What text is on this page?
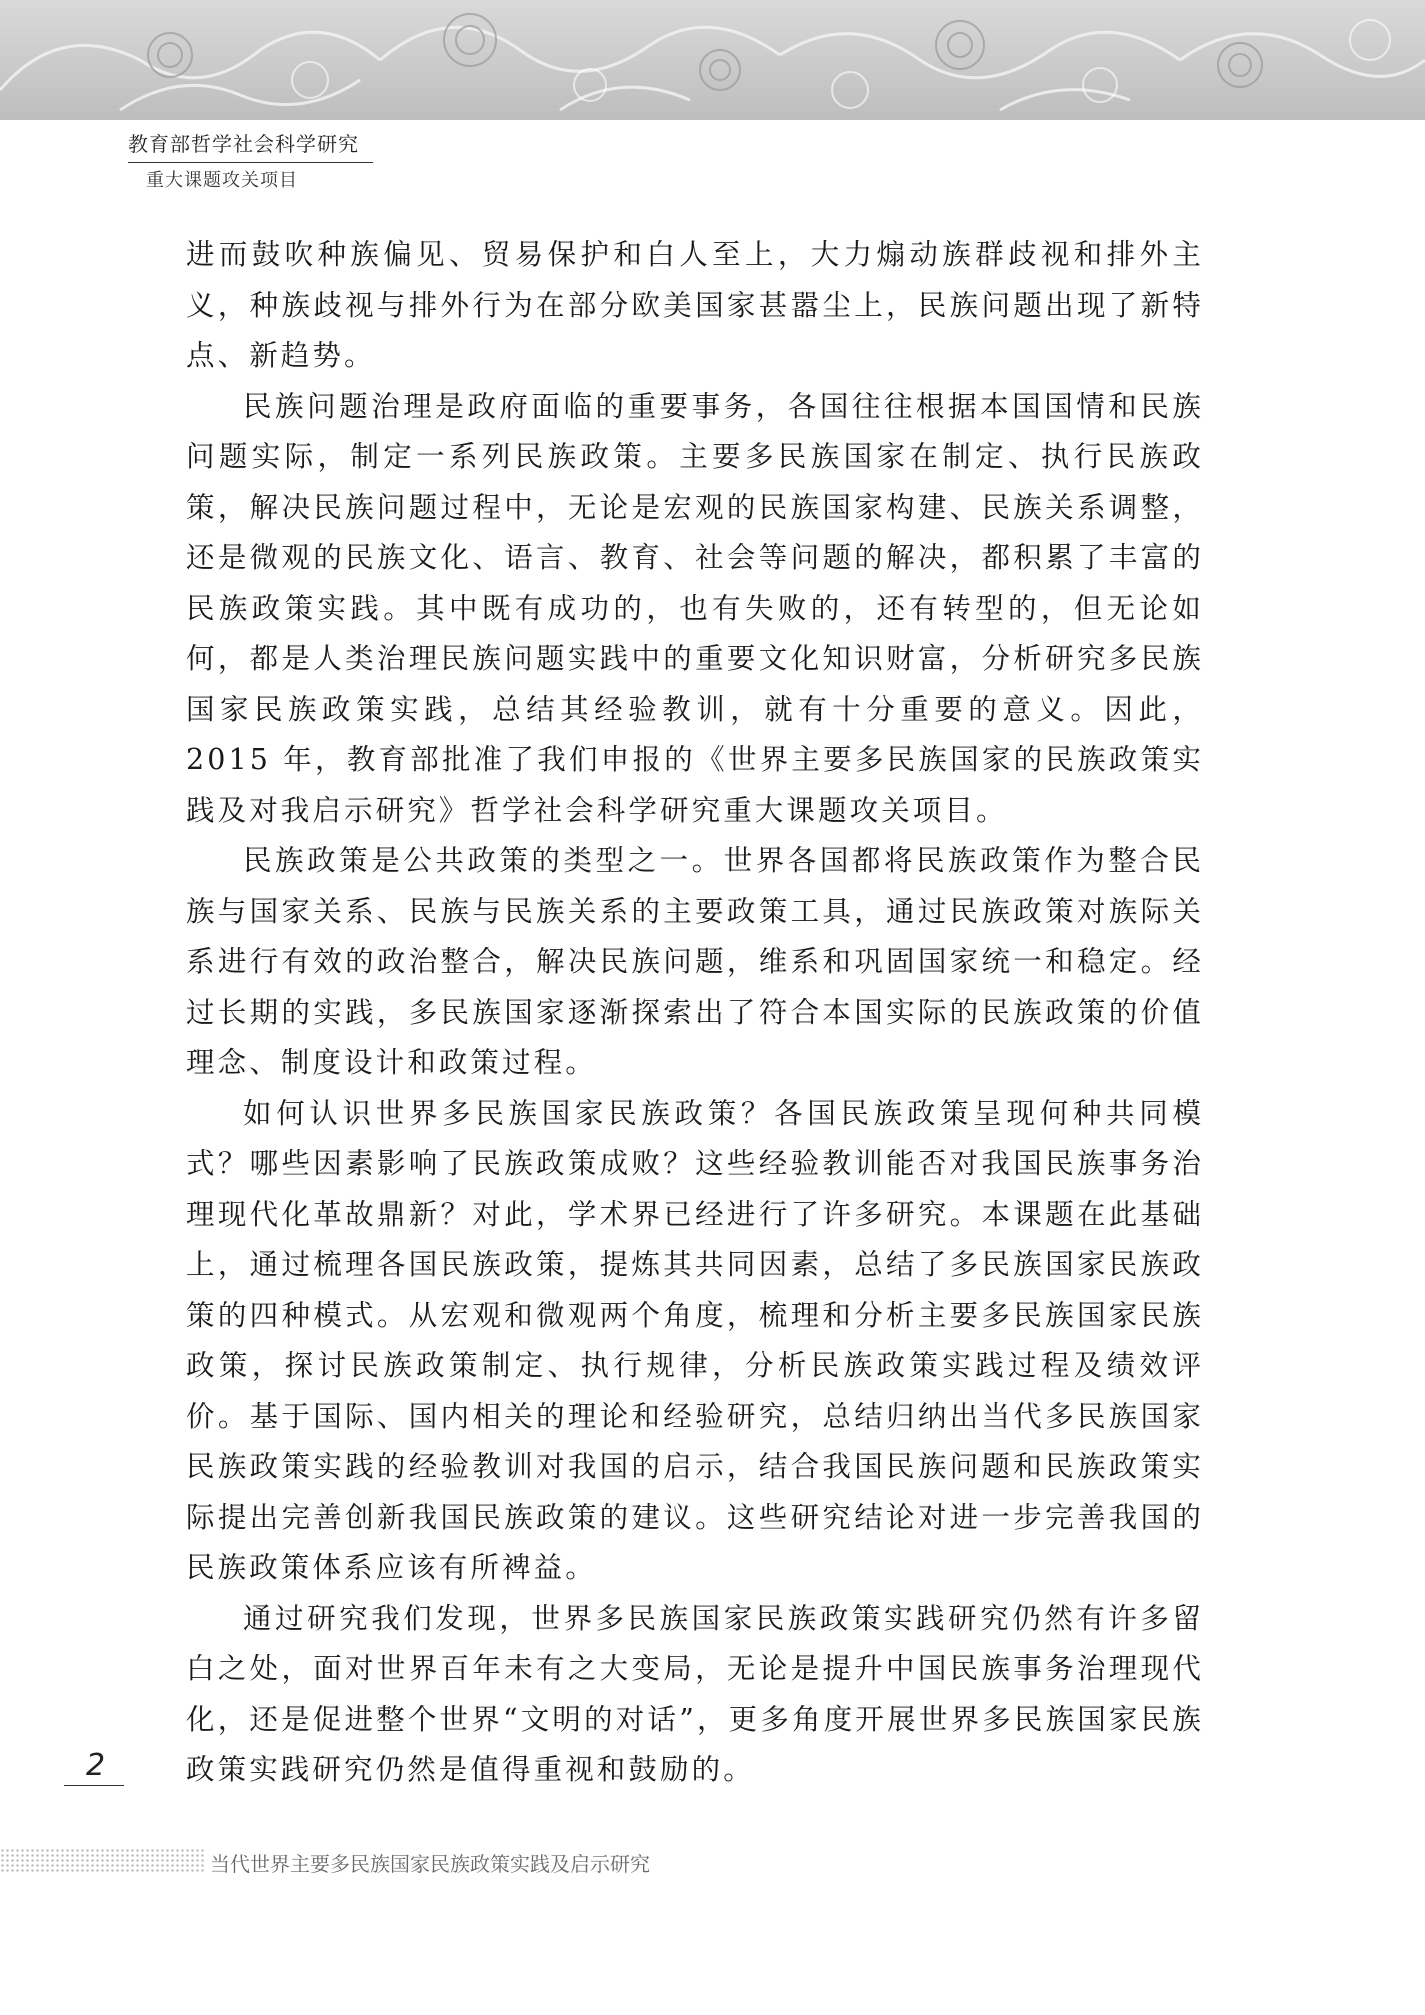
教育部哲学社会科学研究
重大课题攻关项目

进而鼓吹种族偏见、贸易保护和白人至上，大力煽动族群歧视和排外主义，种族歧视与排外行为在部分欧美国家甚嚣尘上，民族问题出现了新特点、新趋势。

民族问题治理是政府面临的重要事务，各国往往根据本国国情和民族问题实际，制定一系列民族政策。主要多民族国家在制定、执行民族政策，解决民族问题过程中，无论是宏观的民族国家构建、民族关系调整，还是微观的民族文化、语言、教育、社会等问题的解决，都积累了丰富的民族政策实践。其中既有成功的，也有失败的，还有转型的，但无论如何，都是人类治理民族问题实践中的重要文化知识财富，分析研究多民族国家民族政策实践，总结其经验教训，就有十分重要的意义。因此，2015 年，教育部批准了我们申报的《世界主要多民族国家的民族政策实践及对我启示研究》哲学社会科学研究重大课题攻关项目。

民族政策是公共政策的类型之一。世界各国都将民族政策作为整合民族与国家关系、民族与民族关系的主要政策工具，通过民族政策对族际关系进行有效的政治整合，解决民族问题，维系和巩固国家统一和稳定。经过长期的实践，多民族国家逐渐探索出了符合本国实际的民族政策的价值理念、制度设计和政策过程。

如何认识世界多民族国家民族政策？各国民族政策呈现何种共同模式？哪些因素影响了民族政策成败？这些经验教训能否对我国民族事务治理现代化革故鼎新？对此，学术界已经进行了许多研究。本课题在此基础上，通过梳理各国民族政策，提炼其共同因素，总结了多民族国家民族政策的四种模式。从宏观和微观两个角度，梳理和分析主要多民族国家民族政策，探讨民族政策制定、执行规律，分析民族政策实践过程及绩效评价。基于国际、国内相关的理论和经验研究，总结归纳出当代多民族国家民族政策实践的经验教训对我国的启示，结合我国民族问题和民族政策实际提出完善创新我国民族政策的建议。这些研究结论对进一步完善我国的民族政策体系应该有所裨益。

通过研究我们发现，世界多民族国家民族政策实践研究仍然有许多留白之处，面对世界百年未有之大变局，无论是提升中国民族事务治理现代化，还是促进整个世界“文明的对话”，更多角度开展世界多民族国家民族政策实践研究仍然是值得重视和鼓励的。

2
当代世界主要多民族国家民族政策实践及启示研究
